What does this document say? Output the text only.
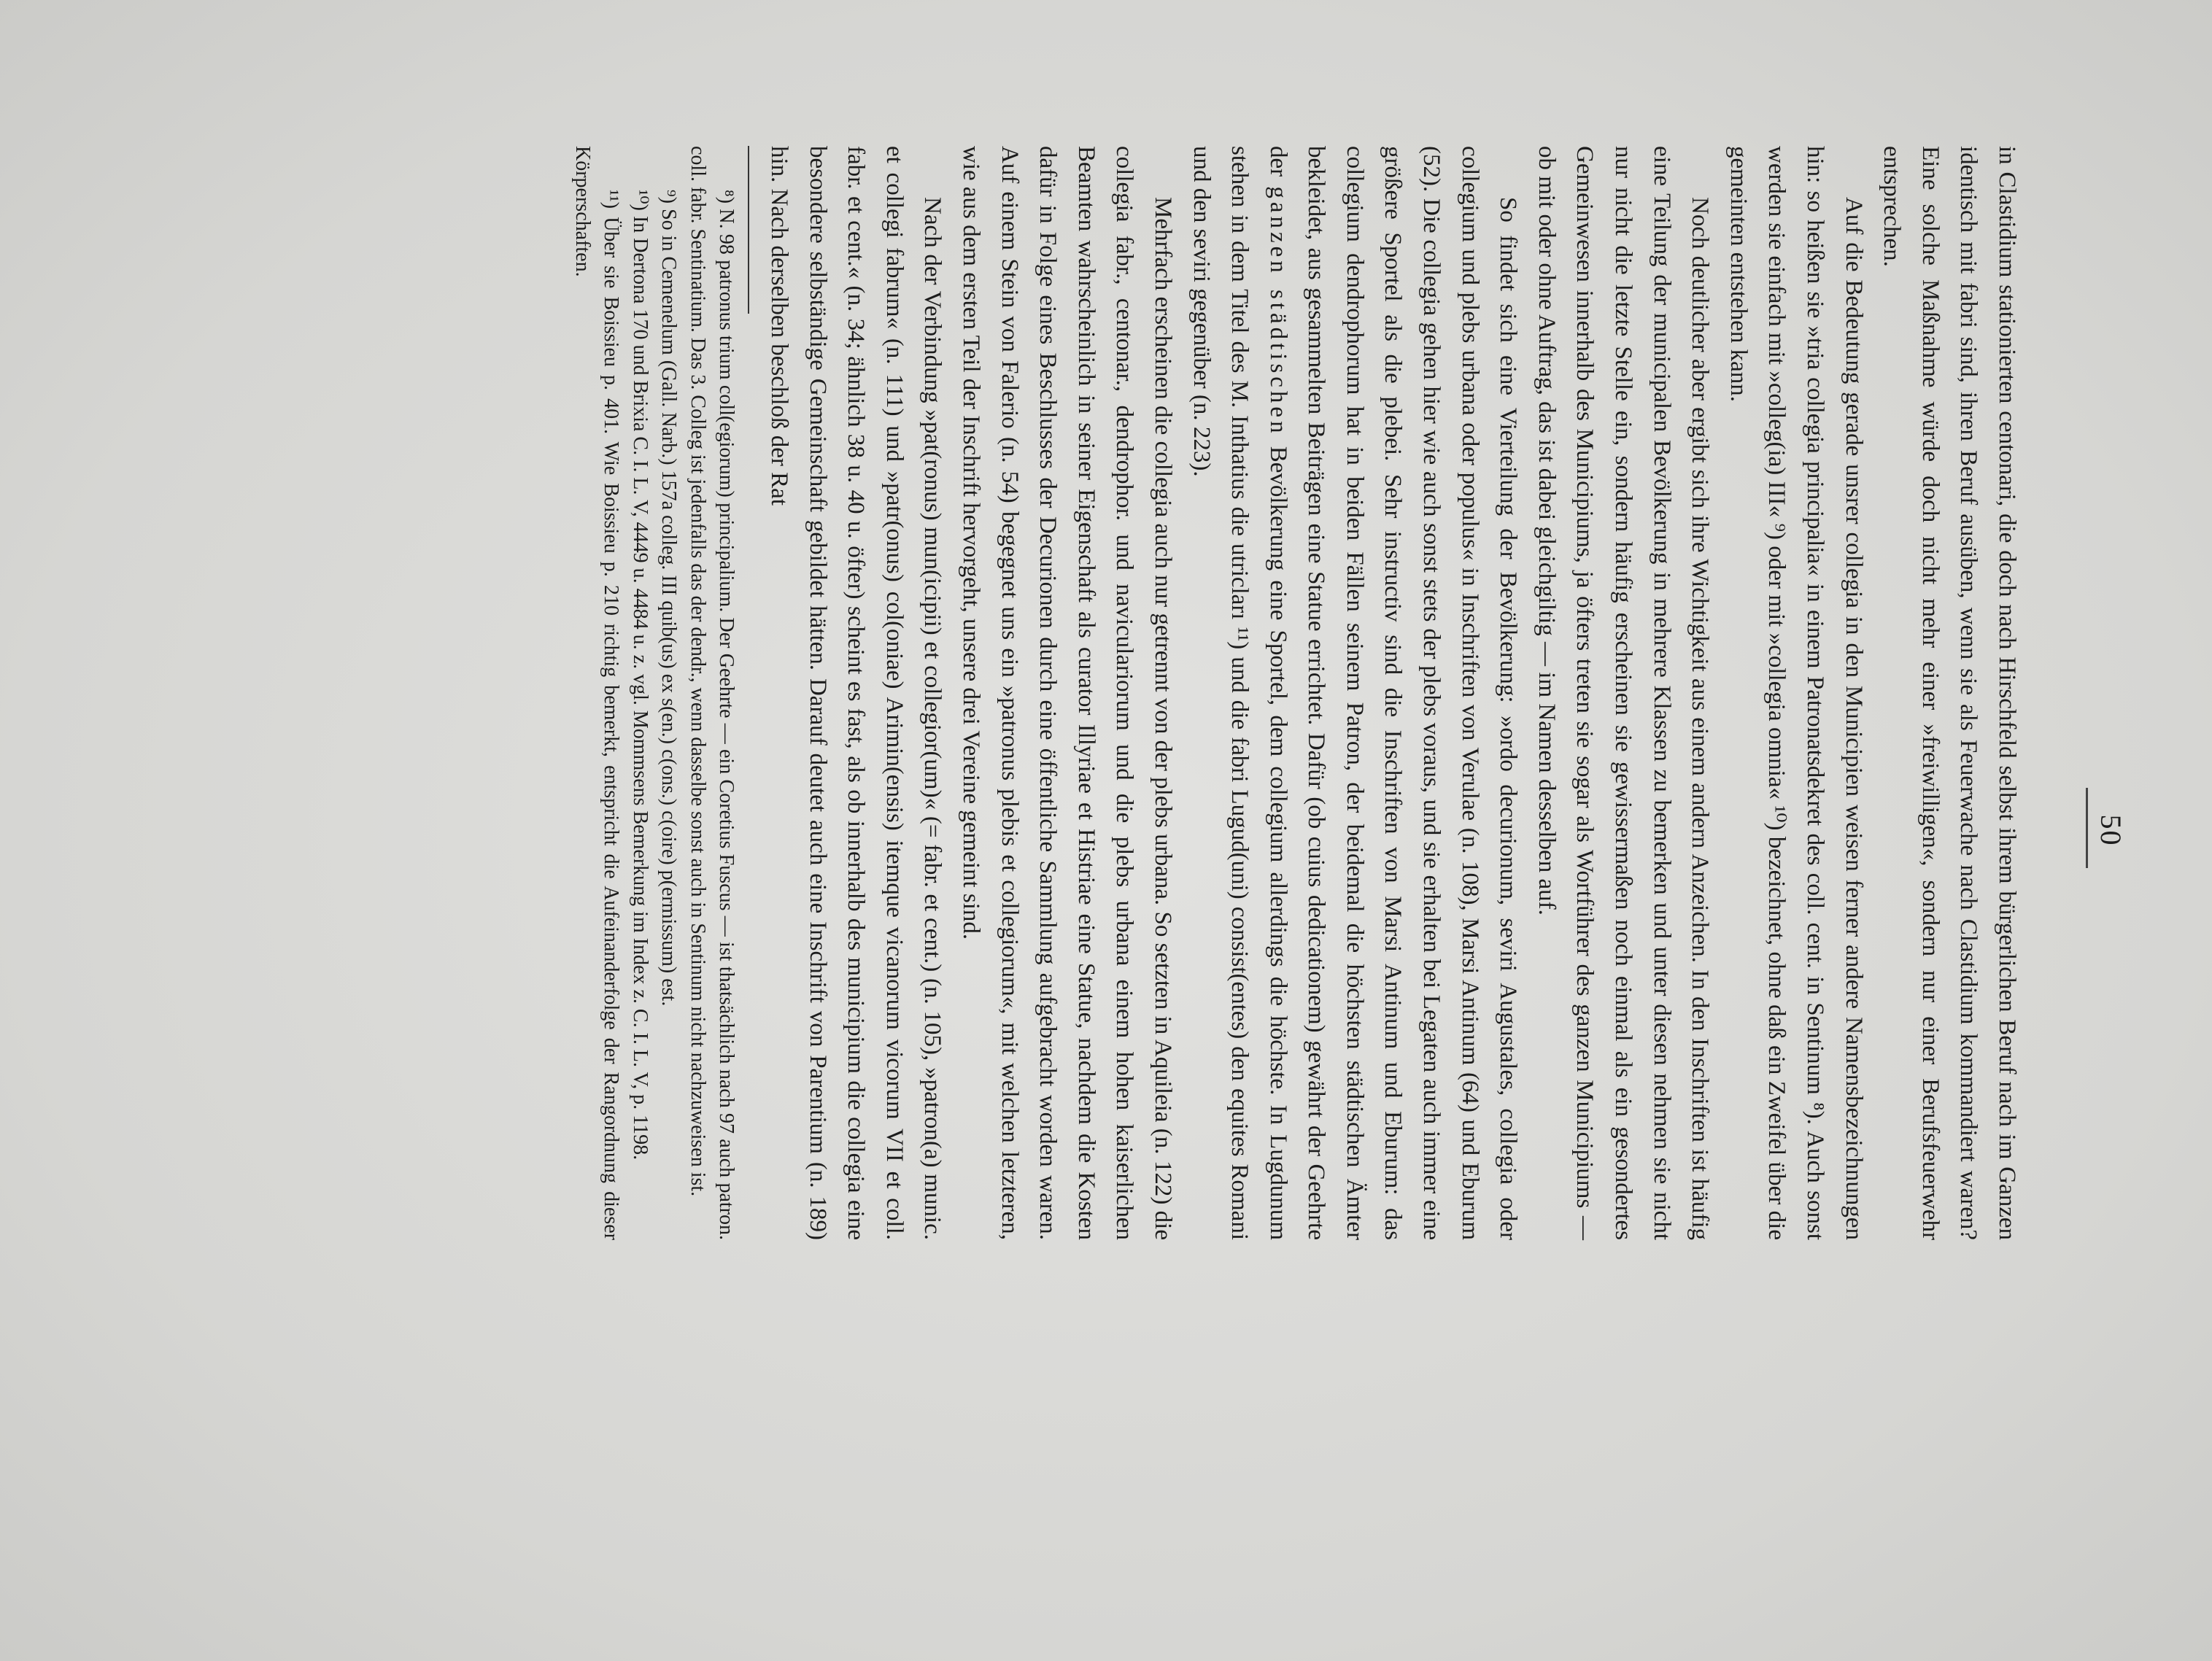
50

in Clastidium stationierten centonari, die doch nach Hirschfeld selbst ihrem bürgerlichen Beruf nach im Ganzen identisch mit fabri sind, ihren Beruf ausüben, wenn sie als Feuerwache nach Clastidium kommandiert waren? Eine solche Maßnahme würde doch nicht mehr einer »freiwilligen«, sondern nur einer Berufsfeuerwehr entsprechen.

Auf die Bedeutung gerade unsrer collegia in den Municipien weisen ferner andere Namensbezeichnungen hin: so heißen sie »tria collegia principalia« in einem Patronatsdekret des coll. cent. in Sentinum ⁸). Auch sonst werden sie einfach mit »colleg(ia) III« ⁹) oder mit »collegia omnia« ¹⁰) bezeichnet, ohne daß ein Zweifel über die gemeinten entstehen kann.

Noch deutlicher aber ergibt sich ihre Wichtigkeit aus einem andern Anzeichen. In den Inschriften ist häufig eine Teilung der municipalen Bevölkerung in mehrere Klassen zu bemerken und unter diesen nehmen sie nicht nur nicht die letzte Stelle ein, sondern häufig erscheinen sie gewissermaßen noch einmal als ein gesondertes Gemeinwesen innerhalb des Municipiums, ja öfters treten sie sogar als Wortführer des ganzen Municipiums — ob mit oder ohne Auftrag, das ist dabei gleichgiltig — im Namen desselben auf.

So findet sich eine Vierteilung der Bevölkerung: »ordo decurionum, seviri Augustales, collegia oder collegium und plebs urbana oder populus« in Inschriften von Verulae (n. 108), Marsi Antinum (64) und Eburum (52). Die collegia gehen hier wie auch sonst stets der plebs voraus, und sie erhalten bei Legaten auch immer eine größere Sportel als die plebei. Sehr instructiv sind die Inschriften von Marsi Antinum und Eburum: das collegium dendrophorum hat in beiden Fällen seinem Patron, der beidemal die höchsten städtischen Ämter bekleidet, aus gesammelten Beiträgen eine Statue errichtet. Dafür (ob cuius dedicationem) gewährt der Geehrte der ganzen städtischen Bevölkerung eine Sportel, dem collegium allerdings die höchste. In Lugdunum stehen in dem Titel des M. Inthatius die utricları ¹¹) und die fabri Lugud(uni) consist(entes) den equites Romani und den seviri gegenüber (n. 223).

Mehrfach erscheinen die collegia auch nur getrennt von der plebs urbana. So setzten in Aquileia (n. 122) die collegia fabr., centonar., dendrophor. und naviculariorum und die plebs urbana einem hohen kaiserlichen Beamten wahrscheinlich in seiner Eigenschaft als curator Illyriae et Histriae eine Statue, nachdem die Kosten dafür in Folge eines Beschlusses der Decurionen durch eine öffentliche Sammlung aufgebracht worden waren. Auf einem Stein von Falerio (n. 54) begegnet uns ein »patronus plebis et collegiorum«, mit welchen letzteren, wie aus dem ersten Teil der Inschrift hervorgeht, unsere drei Vereine gemeint sind.

Nach der Verbindung »pat(ronus) mun(icipii) et collegior(um)« (= fabr. et cent.) (n. 105), »patron(a) munic. et collegi fabrum« (n. 111) und »patr(onus) col(oniae) Arimin(ensis) itemque vicanorum vicorum VII et coll. fabr. et cent.« (n. 34; ähnlich 38 u. 40 u. öfter) scheint es fast, als ob innerhalb des municipium die collegia eine besondere selbständige Gemeinschaft gebildet hätten. Darauf deutet auch eine Inschrift von Parentium (n. 189) hin. Nach derselben beschloß der Rat

⁸) N. 98 patronus trium coll(egiorum) principalium. Der Geehrte — ein Coretius Fuscus — ist thatsächlich nach 97 auch patron. coll. fabr. Sentinatium. Das 3. Colleg ist jedenfalls das der dendr., wenn dasselbe sonst auch in Sentinum nicht nachzuweisen ist.

⁹) So in Cemenelum (Gall. Narb.) 157a colleg. III quib(us) ex s(en.) c(ons.) c(oire) p(ermissum) est.

¹⁰) In Dertona 170 und Brixia C. I. L. V, 4449 u. 4484 u. z. vgl. Mommsens Bemerkung im Index z. C. I. L. V, p. 1198.

¹¹) Über sie Boissieu p. 401. Wie Boissieu p. 210 richtig bemerkt, entspricht die Aufeinanderfolge der Rangordnung dieser Körperschaften.
